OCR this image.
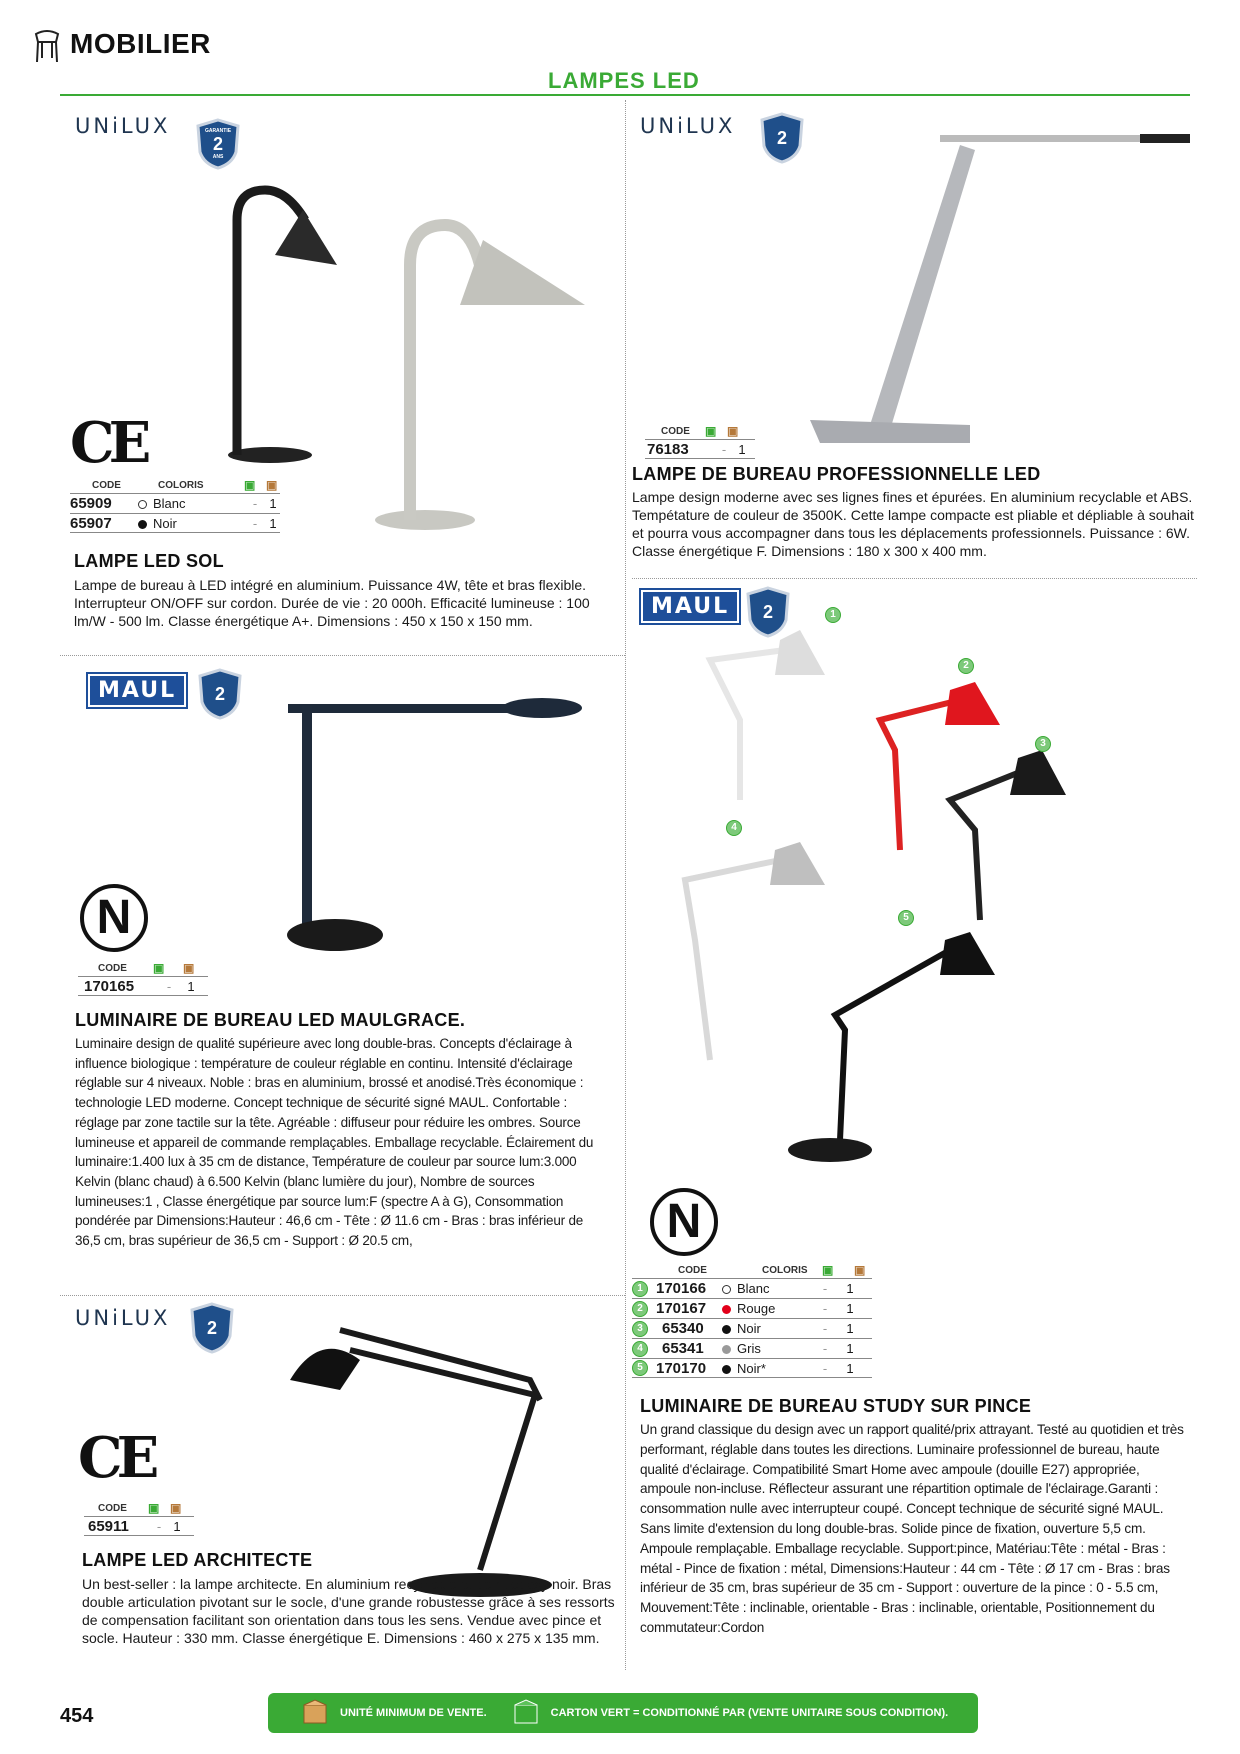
MOBILIER
LAMPES LED
UNiLUX	GARANTIE
2
ANS
CE
CODE	COLORIS	▣ ▣
65909	Blanc	- 1
65907	Noir	- 1
LAMPE LED SOL
Lampe de bureau à LED intégré en aluminium. Puissance 4W, tête et bras flexible. Interrupteur ON/OFF sur cordon. Durée de vie : 20 000h. Efficacité lumineuse : 100 lm/W - 500 lm. Classe énergétique A+. Dimensions : 450 x 150 x 150 mm.
UNiLUX	2
CODE	▣ ▣
76183	- 1
LAMPE DE BUREAU PROFESSIONNELLE LED
Lampe design moderne avec ses lignes fines et épurées. En aluminium recyclable et ABS. Tempétature de couleur de 3500K. Cette lampe compacte est pliable et dépliable à souhait et pourra vous accompagner dans tous les déplacements professionnels. Puissance : 6W. Classe énergétique F. Dimensions : 180 x 300 x 400 mm.
MAUL	2
N
CODE	▣	▣
170165	-	1
LUMINAIRE DE BUREAU LED MAULGRACE.
Luminaire design de qualité supérieure avec long double-bras. Concepts d'éclairage à influence biologique : température de couleur réglable en continu. Intensité d'éclairage réglable sur 4 niveaux. Noble : bras en aluminium, brossé et anodisé.Très économique : technologie LED moderne. Concept technique de sécurité signé MAUL. Confortable : réglage par zone tactile sur la tête. Agréable : diffuseur pour réduire les ombres. Source lumineuse et appareil de commande remplaçables. Emballage recyclable. Éclairement du luminaire:1.400 lux à 35 cm de distance, Température de couleur par source lum:3.000 Kelvin (blanc chaud) à 6.500 Kelvin (blanc lumière du jour), Nombre de sources lumineuses:1 , Classe énergétique par source lum:F (spectre A à G), Consommation pondérée par Dimensions:Hauteur : 46,6 cm - Tête : Ø 11.6 cm - Bras : bras inférieur de 36,5 cm, bras supérieur de 36,5 cm - Support : Ø 20.5 cm,
MAUL	2	1
2
3
4
5
N
CODE	COLORIS	▣	▣
1 170166	Blanc	-	1
2 170167	Rouge	-	1
3	65340	Noir	-	1
4	65341	Gris	-	1
5 170170	Noir*	-	1
LUMINAIRE DE BUREAU STUDY SUR PINCE
Un grand classique du design avec un rapport qualité/prix attrayant. Testé au quotidien et très performant, réglable dans toutes les directions. Luminaire professionnel de bureau, haute qualité d'éclairage. Compatibilité Smart Home avec ampoule (douille E27) appropriée, ampoule non-incluse. Réflecteur assurant une répartition optimale de l'éclairage.Garanti : consommation nulle avec interrupteur coupé. Concept technique de sécurité signé MAUL. Sans limite d'extension du long double-bras. Solide pince de fixation, ouverture 5,5 cm. Ampoule remplaçable. Emballage recyclable. Support:pince, Matériau:Tête : métal - Bras : métal - Pince de fixation : métal, Dimensions:Hauteur : 44 cm - Tête : Ø 17 cm - Bras : bras inférieur de 35 cm, bras supérieur de 35 cm - Support : ouverture de la pince : 0 - 5.5 cm, Mouvement:Tête : inclinable, orientable - Bras : inclinable, orientable, Positionnement du commutateur:Cordon
UNiLUX	2
CE
CODE	▣ ▣
65911	- 1
LAMPE LED ARCHITECTE
Un best-seller : la lampe architecte. En aluminium recyclable et peint epoxy noir. Bras double articulation pivotant sur le socle, d'une grande robustesse grâce à ses ressorts de compensation facilitant son orientation dans tous les sens. Vendue avec pince et socle. Hauteur : 330 mm. Classe énergétique E. Dimensions : 460 x 275 x 135 mm.
454	UNITÉ MINIMUM DE VENTE.	CARTON VERT = CONDITIONNÉ PAR (VENTE UNITAIRE SOUS CONDITION).
